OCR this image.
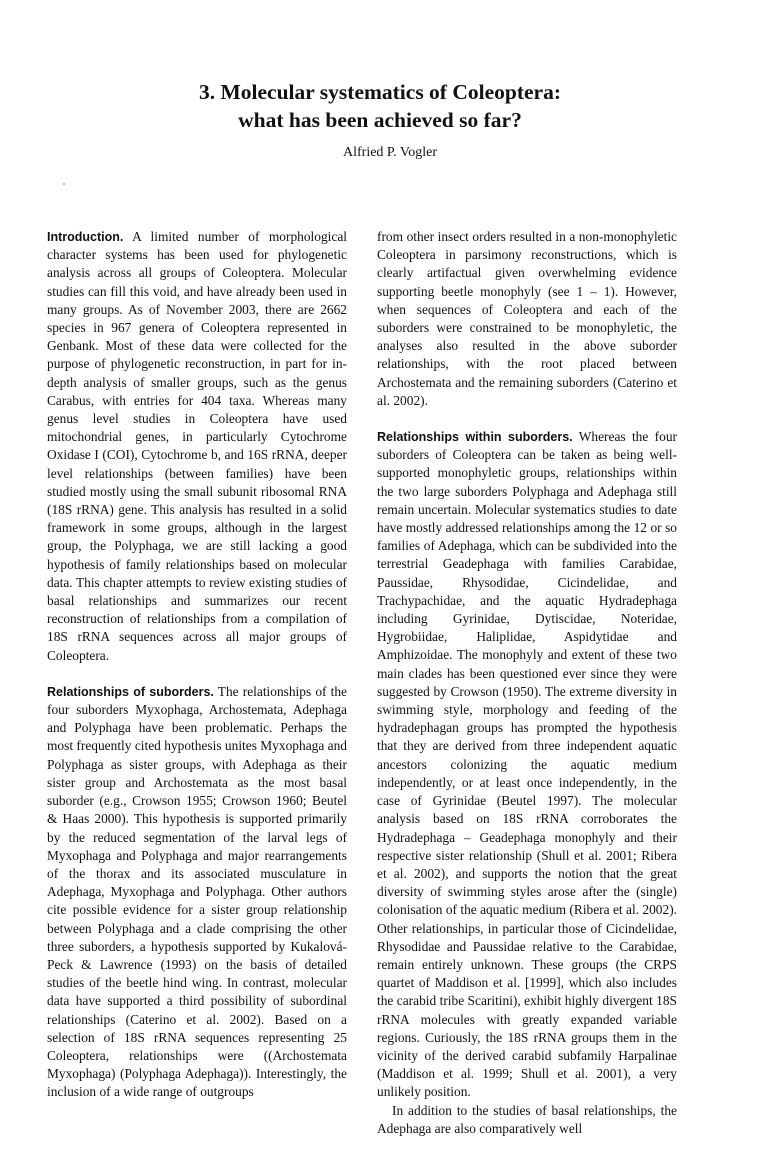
3. Molecular systematics of Coleoptera:
what has been achieved so far?
Alfried P. Vogler

Introduction. A limited number of morphological character systems has been used for phylogenetic analysis across all groups of Coleoptera. Molecular studies can fill this void, and have already been used in many groups. As of November 2003, there are 2662 species in 967 genera of Coleoptera represented in Genbank. Most of these data were collected for the purpose of phylogenetic reconstruction, in part for in-depth analysis of smaller groups, such as the genus Carabus, with entries for 404 taxa. Whereas many genus level studies in Coleoptera have used mitochondrial genes, in particularly Cytochrome Oxidase I (COI), Cytochrome b, and 16S rRNA, deeper level relationships (between families) have been studied mostly using the small subunit ribosomal RNA (18S rRNA) gene. This analysis has resulted in a solid framework in some groups, although in the largest group, the Polyphaga, we are still lacking a good hypothesis of family relationships based on molecular data. This chapter attempts to review existing studies of basal relationships and summarizes our recent reconstruction of relationships from a compilation of 18S rRNA sequences across all major groups of Coleoptera.

Relationships of suborders. The relationships of the four suborders Myxophaga, Archostemata, Adephaga and Polyphaga have been problematic. Perhaps the most frequently cited hypothesis unites Myxophaga and Polyphaga as sister groups, with Adephaga as their sister group and Archostemata as the most basal suborder (e.g., Crowson 1955; Crowson 1960; Beutel & Haas 2000). This hypothesis is supported primarily by the reduced segmentation of the larval legs of Myxophaga and Polyphaga and major rearrangements of the thorax and its associated musculature in Adephaga, Myxophaga and Polyphaga. Other authors cite possible evidence for a sister group relationship between Polyphaga and a clade comprising the other three suborders, a hypothesis supported by Kukalová-Peck & Lawrence (1993) on the basis of detailed studies of the beetle hind wing. In contrast, molecular data have supported a third possibility of subordinal relationships (Caterino et al. 2002). Based on a selection of 18S rRNA sequences representing 25 Coleoptera, relationships were ((Archostemata Myxophaga) (Polyphaga Adephaga)). Interestingly, the inclusion of a wide range of outgroups

from other insect orders resulted in a non-monophyletic Coleoptera in parsimony reconstructions, which is clearly artifactual given overwhelming evidence supporting beetle monophyly (see 1 – 1). However, when sequences of Coleoptera and each of the suborders were constrained to be monophyletic, the analyses also resulted in the above suborder relationships, with the root placed between Archostemata and the remaining suborders (Caterino et al. 2002).

Relationships within suborders. Whereas the four suborders of Coleoptera can be taken as being well-supported monophyletic groups, relationships within the two large suborders Polyphaga and Adephaga still remain uncertain. Molecular systematics studies to date have mostly addressed relationships among the 12 or so families of Adephaga, which can be subdivided into the terrestrial Geadephaga with families Carabidae, Paussidae, Rhysodidae, Cicindelidae, and Trachypachidae, and the aquatic Hydradephaga including Gyrinidae, Dytiscidae, Noteridae, Hygrobiidae, Haliplidae, Aspidytidae and Amphizoidae. The monophyly and extent of these two main clades has been questioned ever since they were suggested by Crowson (1950). The extreme diversity in swimming style, morphology and feeding of the hydradephagan groups has prompted the hypothesis that they are derived from three independent aquatic ancestors colonizing the aquatic medium independently, or at least once independently, in the case of Gyrinidae (Beutel 1997). The molecular analysis based on 18S rRNA corroborates the Hydradephaga – Geadephaga monophyly and their respective sister relationship (Shull et al. 2001; Ribera et al. 2002), and supports the notion that the great diversity of swimming styles arose after the (single) colonisation of the aquatic medium (Ribera et al. 2002). Other relationships, in particular those of Cicindelidae, Rhysodidae and Paussidae relative to the Carabidae, remain entirely unknown. These groups (the CRPS quartet of Maddison et al. [1999], which also includes the carabid tribe Scaritini), exhibit highly divergent 18S rRNA molecules with greatly expanded variable regions. Curiously, the 18S rRNA groups them in the vicinity of the derived carabid subfamily Harpalinae (Maddison et al. 1999; Shull et al. 2001), a very unlikely position.

In addition to the studies of basal relationships, the Adephaga are also comparatively well
